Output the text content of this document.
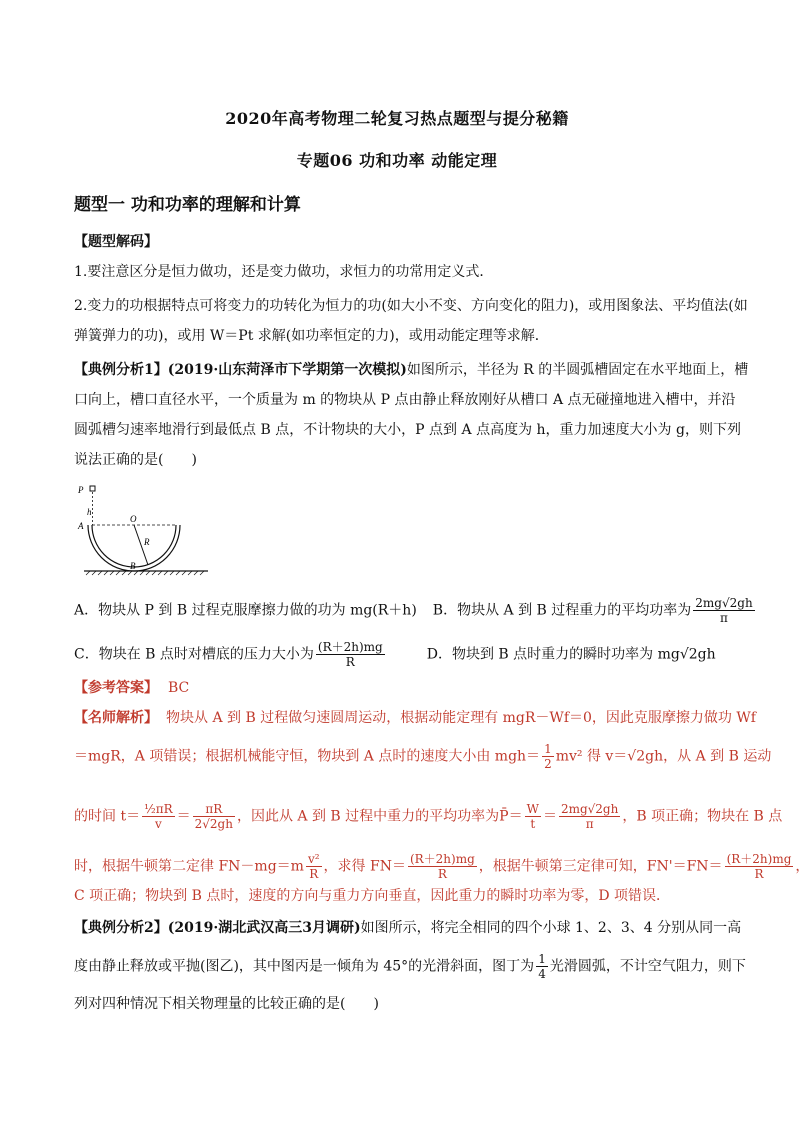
2020年高考物理二轮复习热点题型与提分秘籍
专题06 功和功率 动能定理
题型一 功和功率的理解和计算
【题型解码】
1.要注意区分是恒力做功，还是变力做功，求恒力的功常用定义式．
2.变力的功根据特点可将变力的功转化为恒力的功(如大小不变、方向变化的阻力)，或用图象法、平均值法(如
弹簧弹力的功)，或用 W＝Pt 求解(如功率恒定的力)，或用动能定理等求解．
【典例分析1】(2019·山东菏泽市下学期第一次模拟)如图所示，半径为 R 的半圆弧槽固定在水平地面上，槽
口向上，槽口直径水平，一个质量为 m 的物块从 P 点由静止释放刚好从槽口 A 点无碰撞地进入槽中，并沿
圆弧槽匀速率地滑行到最低点 B 点，不计物块的大小，P 点到 A 点高度为 h，重力加速度大小为 g，则下列
说法正确的是(　　)
P
h
A
O
R
B
A．物块从 P 到 B 过程克服摩擦力做的功为 mg(R＋h) B．物块从 A 到 B 过程重力的平均功率为 $\frac{2mg√2gh}{\pi}$
C．物块在 B 点时对槽底的压力大小为 $\frac{(R+2h)mg}{R}$	D．物块到 B 点时重力的瞬时功率为 mg√2gh
【参考答案】 BC
【名师解析】 物块从 A 到 B 过程做匀速圆周运动，根据动能定理有 mgR－Wf＝0，因此克服摩擦力做功 Wf
＝mgR，A 项错误；根据机械能守恒，物块到 A 点时的速度大小由 $mgh= \frac{1}{2} mv^2$ 得 v＝√2gh，从 A 到 B 运动
的时间 $t= \frac{\text{½πR}}{v} = \frac{\pi R}{2√2gh}$ ，因此从 A 到 B 过程中重力的平均功率为P̄＝ $\frac{W}{t} = \frac{2mg√2gh}{\pi}$ ，B 项正确；物块在 B 点
时，根据牛顿第二定律 $FN-mg=m \frac{\text{v²}}{R}$ ，求得 $FN= \frac{(R+2h)mg}{R}$ ，根据牛顿第三定律可知，$FN'=FN= \frac{(R+2h)mg}{R}$ ，
C 项正确；物块到 B 点时，速度的方向与重力方向垂直，因此重力的瞬时功率为零，D 项错误．
【典例分析2】(2019·湖北武汉高三3月调研)如图所示，将完全相同的四个小球 1、2、3、4 分别从同一高
度由静止释放或平抛(图乙)，其中图丙是一倾角为 45°的光滑斜面，图丁为 $\frac{1}{4}$ 光滑圆弧，不计空气阻力，则下
列对四种情况下相关物理量的比较正确的是(　　)
